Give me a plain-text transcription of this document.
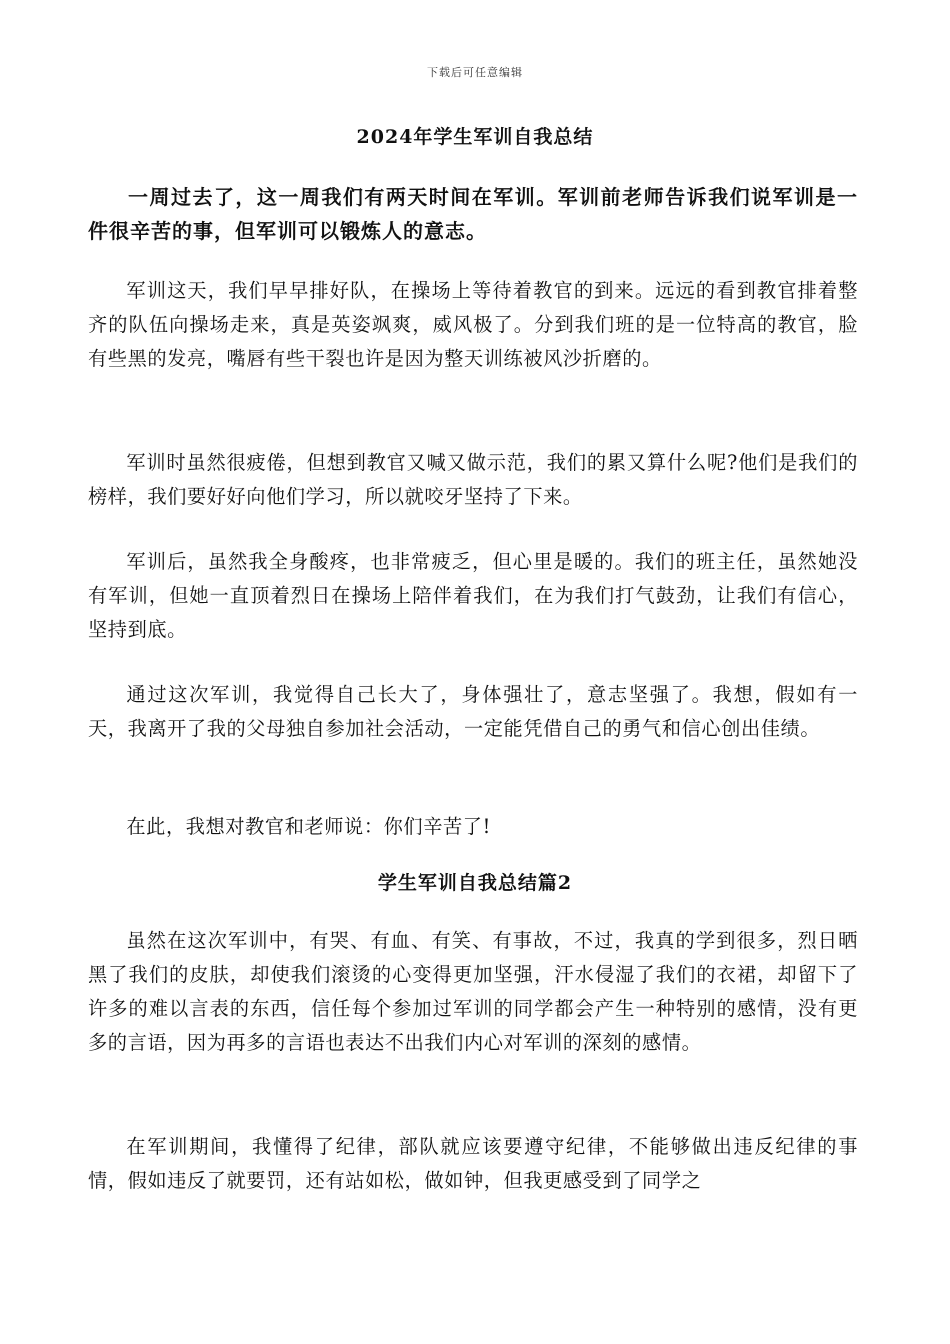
下载后可任意编辑
2024年学生军训自我总结

一周过去了，这一周我们有两天时间在军训。军训前老师告诉我们说军训是一件很辛苦的事，但军训可以锻炼人的意志。

军训这天，我们早早排好队，在操场上等待着教官的到来。远远的看到教官排着整齐的队伍向操场走来，真是英姿飒爽，威风极了。分到我们班的是一位特高的教官，脸有些黑的发亮，嘴唇有些干裂也许是因为整天训练被风沙折磨的。

军训时虽然很疲倦，但想到教官又喊又做示范，我们的累又算什么呢?他们是我们的榜样，我们要好好向他们学习，所以就咬牙坚持了下来。

军训后，虽然我全身酸疼，也非常疲乏，但心里是暖的。我们的班主任，虽然她没有军训，但她一直顶着烈日在操场上陪伴着我们，在为我们打气鼓劲，让我们有信心，坚持到底。

通过这次军训，我觉得自己长大了，身体强壮了，意志坚强了。我想，假如有一天，我离开了我的父母独自参加社会活动，一定能凭借自己的勇气和信心创出佳绩。

在此，我想对教官和老师说：你们辛苦了!

学生军训自我总结篇2

虽然在这次军训中，有哭、有血、有笑、有事故，不过，我真的学到很多，烈日晒黑了我们的皮肤，却使我们滚烫的心变得更加坚强，汗水侵湿了我们的衣裙，却留下了许多的难以言表的东西，信任每个参加过军训的同学都会产生一种特别的感情，没有更多的言语，因为再多的言语也表达不出我们内心对军训的深刻的感情。

在军训期间，我懂得了纪律，部队就应该要遵守纪律，不能够做出违反纪律的事情，假如违反了就要罚，还有站如松，做如钟，但我更感受到了同学之
